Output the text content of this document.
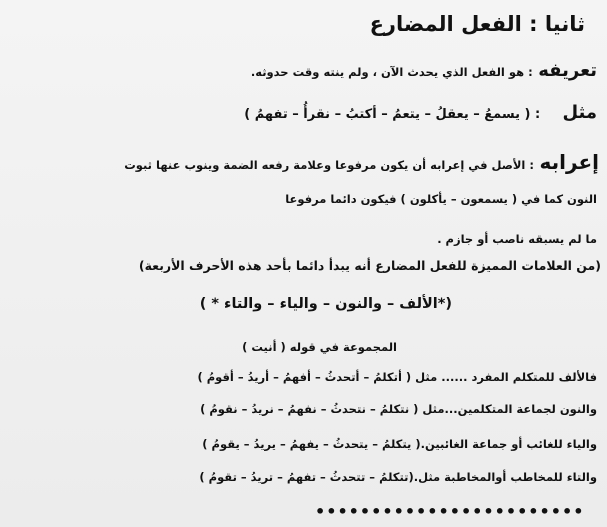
ثانيا : الفعل المضارع
تعريفه : هو الفعل الذي يحدث الآن ، ولم ينته وقت حدوثه.
مثل    : ( يسمعُ – يعقلُ – يتعمُ – أكتبُ – نقرأُ – تفهمُ )
إعرابه : الأصل في إعرابه أن يكون مرفوعا وعلامة رفعه الضمة وينوب عنها ثبوت
النون كما في ( يسمعون – يأكلون ) فيكون دائما مرفوعا
ما لم يسبقه ناصب أو جازم .
(من العلامات المميزة للفعل المضارع أنه يبدأ دائما بأحد هذه الأحرف الأربعة)
(*الألف – والنون – والياء – والتاء * )
المجموعة في قوله ( أنيت )
فالألف للمتكلم المفرد ...... مثل ( أتكلمُ – أتحدثُ – أفهمُ – أريدُ – أقومُ )
والنون لجماعة المتكلمين...مثل ( نتكلمُ – نتحدثُ – نفهمُ – نريدُ – نقومُ )
والياء للغائب أو جماعة الغائبين.( يتكلمُ – يتحدثُ – يفهمُ – يريدُ – يقومُ )
والتاء للمخاطب أوالمخاطبة مثل.(تتكلمُ – تتحدثُ – تفهمُ – تريدُ – تقومُ )
••••••••••••••••••••••••
